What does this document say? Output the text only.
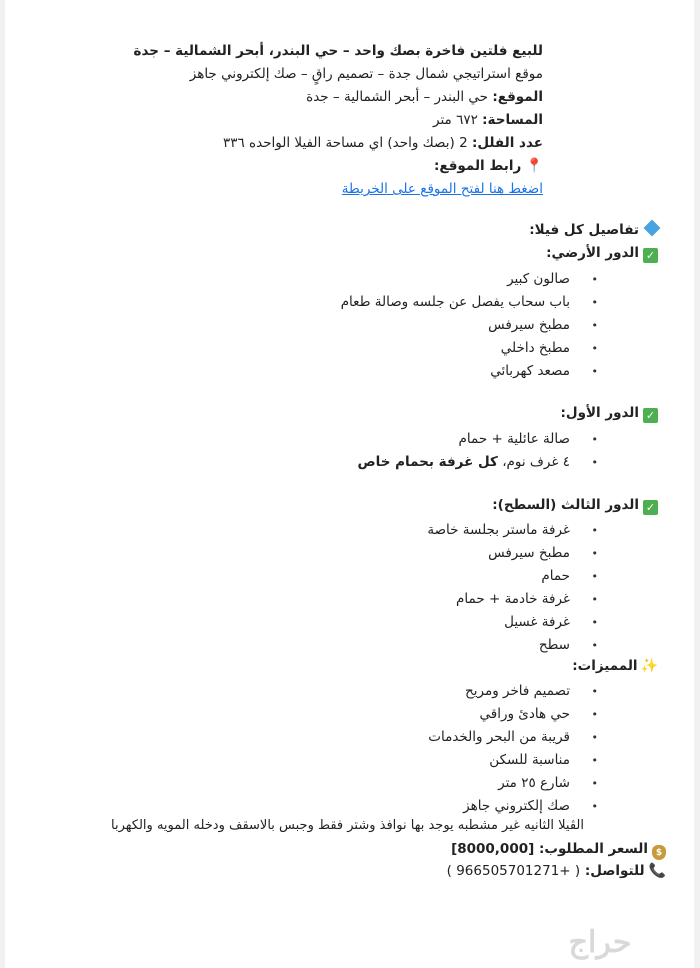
للبيع فلتين فاخرة بصك واحد – حي البندر، أبحر الشمالية – جدة
موقع استراتيجي شمال جدة – تصميم راقٍ – صك إلكتروني جاهز
الموقع: حي البندر – أبحر الشمالية – جدة
المساحة: ٦٧٢ متر
عدد الفلل: 2 (بصك واحد) اي مساحة الفيلا الواحده ٣٣٦
📍 رابط الموقع:
اضغط هنا لفتح الموقع على الخريطة
تفاصيل كل فيلا:
✓الدور الأرضي:
•
صالون كبير
•
باب سحاب يفصل عن جلسه وصالة طعام
•
مطبخ سيرفس
•
مطبخ داخلي
•
مصعد كهربائي
✓الدور الأول:
•
صالة عائلية + حمام
•
٤ غرف نوم، كل غرفة بحمام خاص
✓الدور الثالث (السطح):
•
غرفة ماستر بجلسة خاصة
•
مطبخ سيرفس
•
حمام
•
غرفة خادمة + حمام
•
غرفة غسيل
•
سطح
✨المميزات:
•
تصميم فاخر ومريح
•
حي هادئ وراقي
•
قريبة من البحر والخدمات
•
مناسبة للسكن
•
شارع ٢٥ متر
•
صك إلكتروني جاهز
الڤيلا الثانيه غير مشطبه يوجد بها نوافذ وشتر فقط وجبس بالاسقف ودخله المويه والكهربا
$السعر المطلوب: [8000,000]
📞للتواصل: ( +966505701271 )
حراج
